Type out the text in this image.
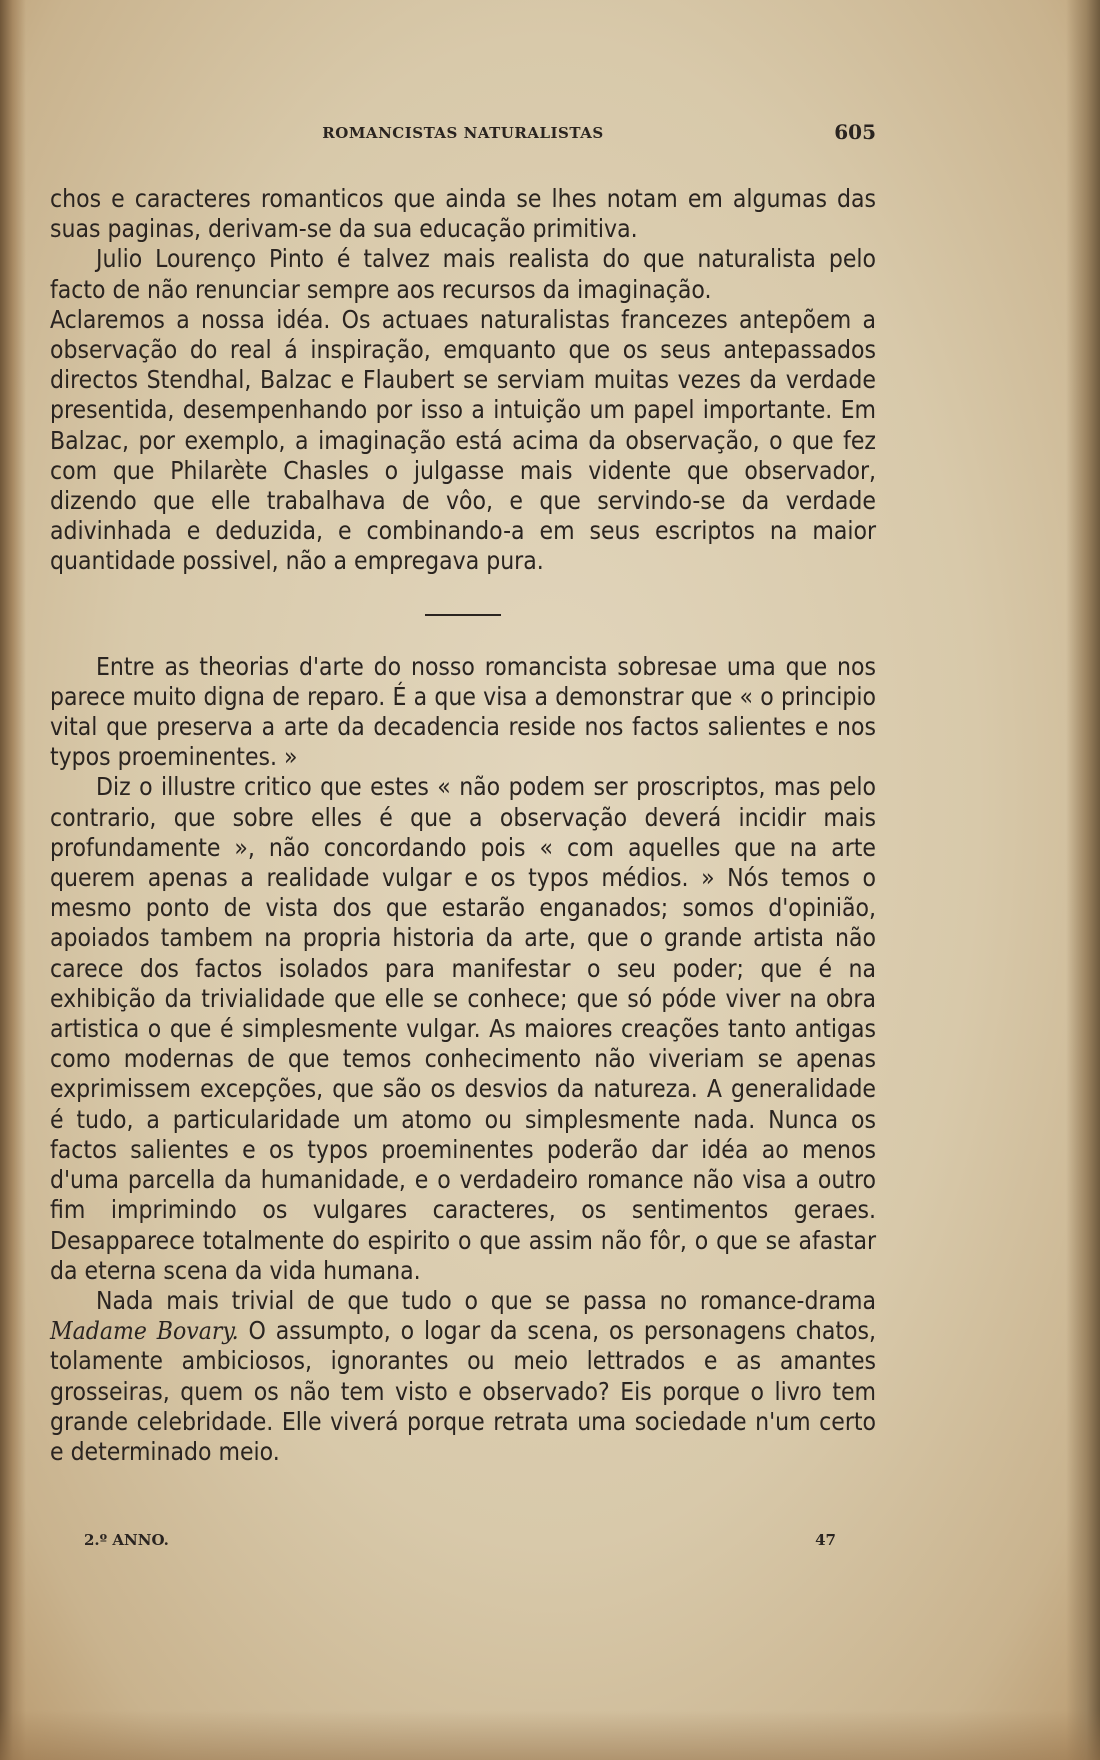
ROMANCISTAS NATURALISTAS	605

chos e caracteres romanticos que ainda se lhes notam em algumas das suas paginas, derivam-se da sua educação primitiva.

Julio Lourenço Pinto é talvez mais realista do que naturalista pelo facto de não renunciar sempre aos recursos da imaginação.

Aclaremos a nossa idéa. Os actuaes naturalistas francezes antepõem a observação do real á inspiração, emquanto que os seus antepassados directos Stendhal, Balzac e Flaubert se serviam muitas vezes da verdade presentida, desempenhando por isso a intuição um papel importante. Em Balzac, por exemplo, a imaginação está acima da observação, o que fez com que Philarète Chasles o julgasse mais vidente que observador, dizendo que elle trabalhava de vôo, e que servindo-se da verdade adivinhada e deduzida, e combinando-a em seus escriptos na maior quantidade possivel, não a empregava pura.

Entre as theorias d'arte do nosso romancista sobresae uma que nos parece muito digna de reparo. É a que visa a demonstrar que « o principio vital que preserva a arte da decadencia reside nos factos salientes e nos typos proeminentes. »

Diz o illustre critico que estes « não podem ser proscriptos, mas pelo contrario, que sobre elles é que a observação deverá incidir mais profundamente », não concordando pois « com aquelles que na arte querem apenas a realidade vulgar e os typos médios. » Nós temos o mesmo ponto de vista dos que estarão enganados; somos d'opinião, apoiados tambem na propria historia da arte, que o grande artista não carece dos factos isolados para manifestar o seu poder; que é na exhibição da trivialidade que elle se conhece; que só póde viver na obra artistica o que é simplesmente vulgar. As maiores creações tanto antigas como modernas de que temos conhecimento não viveriam se apenas exprimissem excepções, que são os desvios da natureza. A generalidade é tudo, a particularidade um atomo ou simplesmente nada. Nunca os factos salientes e os typos proeminentes poderão dar idéa ao menos d'uma parcella da humanidade, e o verdadeiro romance não visa a outro fim imprimindo os vulgares caracteres, os sentimentos geraes. Desapparece totalmente do espirito o que assim não fôr, o que se afastar da eterna scena da vida humana.

Nada mais trivial de que tudo o que se passa no romance-drama Madame Bovary. O assumpto, o logar da scena, os personagens chatos, tolamente ambiciosos, ignorantes ou meio lettrados e as amantes grosseiras, quem os não tem visto e observado? Eis porque o livro tem grande celebridade. Elle viverá porque retrata uma sociedade n'um certo e determinado meio.

2.º ANNO.	47
